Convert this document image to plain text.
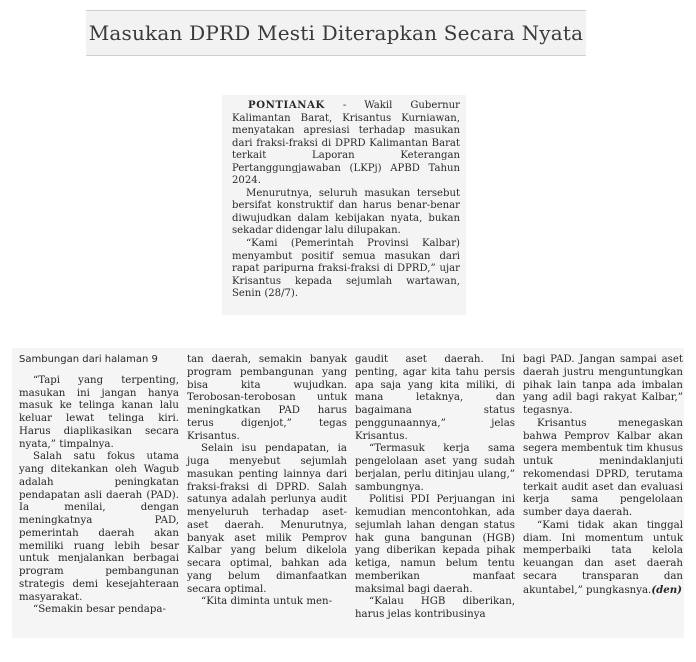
Masukan DPRD Mesti Diterapkan Secara Nyata

PONTIANAK - Wakil Gubernur Kalimantan Barat, Krisantus Kurniawan, menyatakan apresiasi terhadap masukan dari fraksi-fraksi di DPRD Kalimantan Barat terkait Laporan Keterangan Pertanggungjawaban (LKPj) APBD Tahun 2024.

Menurutnya, seluruh masukan tersebut bersifat konstruktif dan harus benar-benar diwujudkan dalam kebijakan nyata, bukan sekadar didengar lalu dilupakan.

“Kami (Pemerintah Provinsi Kalbar) menyambut positif semua masukan dari rapat paripurna fraksi-fraksi di DPRD,” ujar Krisantus kepada sejumlah wartawan, Senin (28/7).

Sambungan dari halaman 9

“Tapi yang terpenting, masukan ini jangan hanya masuk ke telinga kanan lalu keluar lewat telinga kiri. Harus diaplikasikan secara nyata,” timpalnya.

Salah satu fokus utama yang ditekankan oleh Wagub adalah peningkatan pendapatan asli daerah (PAD). Ia menilai, dengan meningkatnya PAD, pemerintah daerah akan memiliki ruang lebih besar untuk menjalankan berbagai program pembangunan strategis demi kesejahteraan masyarakat.

“Semakin besar pendapa-

tan daerah, semakin banyak program pembangunan yang bisa kita wujudkan. Terobosan-terobosan untuk meningkatkan PAD harus terus digenjot,” tegas Krisantus.

Selain isu pendapatan, ia juga menyebut sejumlah masukan penting lainnya dari fraksi-fraksi di DPRD. Salah satunya adalah perlunya audit menyeluruh terhadap aset-aset daerah. Menurutnya, banyak aset milik Pemprov Kalbar yang belum dikelola secara optimal, bahkan ada yang belum dimanfaatkan secara optimal.

“Kita diminta untuk men-

gaudit aset daerah. Ini penting, agar kita tahu persis apa saja yang kita miliki, di mana letaknya, dan bagaimana status penggunaannya,” jelas Krisantus.

“Termasuk kerja sama pengelolaan aset yang sudah berjalan, perlu ditinjau ulang,” sambungnya.

Politisi PDI Perjuangan ini kemudian mencontohkan, ada sejumlah lahan dengan status hak guna bangunan (HGB) yang diberikan kepada pihak ketiga, namun belum tentu memberikan manfaat maksimal bagi daerah.

“Kalau HGB diberikan, harus jelas kontribusinya

bagi PAD. Jangan sampai aset daerah justru menguntungkan pihak lain tanpa ada imbalan yang adil bagi rakyat Kalbar,” tegasnya.

Krisantus menegaskan bahwa Pemprov Kalbar akan segera membentuk tim khusus untuk menindaklanjuti rekomendasi DPRD, terutama terkait audit aset dan evaluasi kerja sama pengelolaan sumber daya daerah.

“Kami tidak akan tinggal diam. Ini momentum untuk memperbaiki tata kelola keuangan dan aset daerah secara transparan dan akuntabel,” pungkasnya.(den)
